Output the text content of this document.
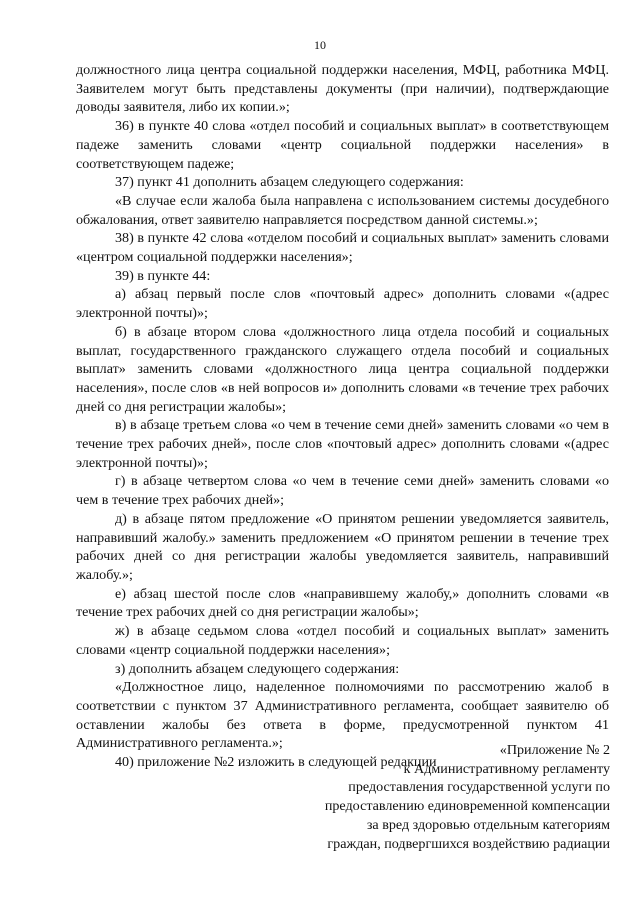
10

должностного лица центра социальной поддержки населения, МФЦ, работника МФЦ. Заявителем могут быть представлены документы (при наличии), подтверждающие доводы заявителя, либо их копии.»;

36) в пункте 40 слова «отдел пособий и социальных выплат» в соответствующем падеже заменить словами «центр социальной поддержки населения» в соответствующем падеже;

37) пункт 41 дополнить абзацем следующего содержания:

«В случае если жалоба была направлена с использованием системы досудебного обжалования, ответ заявителю направляется посредством данной системы.»;

38) в пункте 42 слова «отделом пособий и социальных выплат» заменить словами «центром социальной поддержки населения»;

39) в пункте 44:

а) абзац первый после слов «почтовый адрес» дополнить словами «(адрес электронной почты)»;

б) в абзаце втором слова «должностного лица отдела пособий и социальных выплат, государственного гражданского служащего отдела пособий и социальных выплат» заменить словами «должностного лица центра социальной поддержки населения», после слов «в ней вопросов и» дополнить словами «в течение трех рабочих дней со дня регистрации жалобы»;

в) в абзаце третьем слова «о чем в течение семи дней» заменить словами «о чем в течение трех рабочих дней», после слов «почтовый адрес» дополнить словами «(адрес электронной почты)»;

г) в абзаце четвертом слова «о чем в течение семи дней» заменить словами «о чем в течение трех рабочих дней»;

д) в абзаце пятом предложение «О принятом решении уведомляется заявитель, направивший жалобу.» заменить предложением «О принятом решении в течение трех рабочих дней со дня регистрации жалобы уведомляется заявитель, направивший жалобу.»;

е) абзац шестой после слов «направившему жалобу,» дополнить словами «в течение трех рабочих дней со дня регистрации жалобы»;

ж) в абзаце седьмом слова «отдел пособий и социальных выплат» заменить словами «центр социальной поддержки населения»;

з) дополнить абзацем следующего содержания:

«Должностное лицо, наделенное полномочиями по рассмотрению жалоб в соответствии с пунктом 37 Административного регламента, сообщает заявителю об оставлении жалобы без ответа в форме, предусмотренной пунктом 41 Административного регламента.»;

40) приложение №2 изложить в следующей редакции

«Приложение № 2
к Административному регламенту
предоставления государственной услуги по
предоставлению единовременной компенсации
за вред здоровью отдельным категориям
граждан, подвергшихся воздействию радиации
